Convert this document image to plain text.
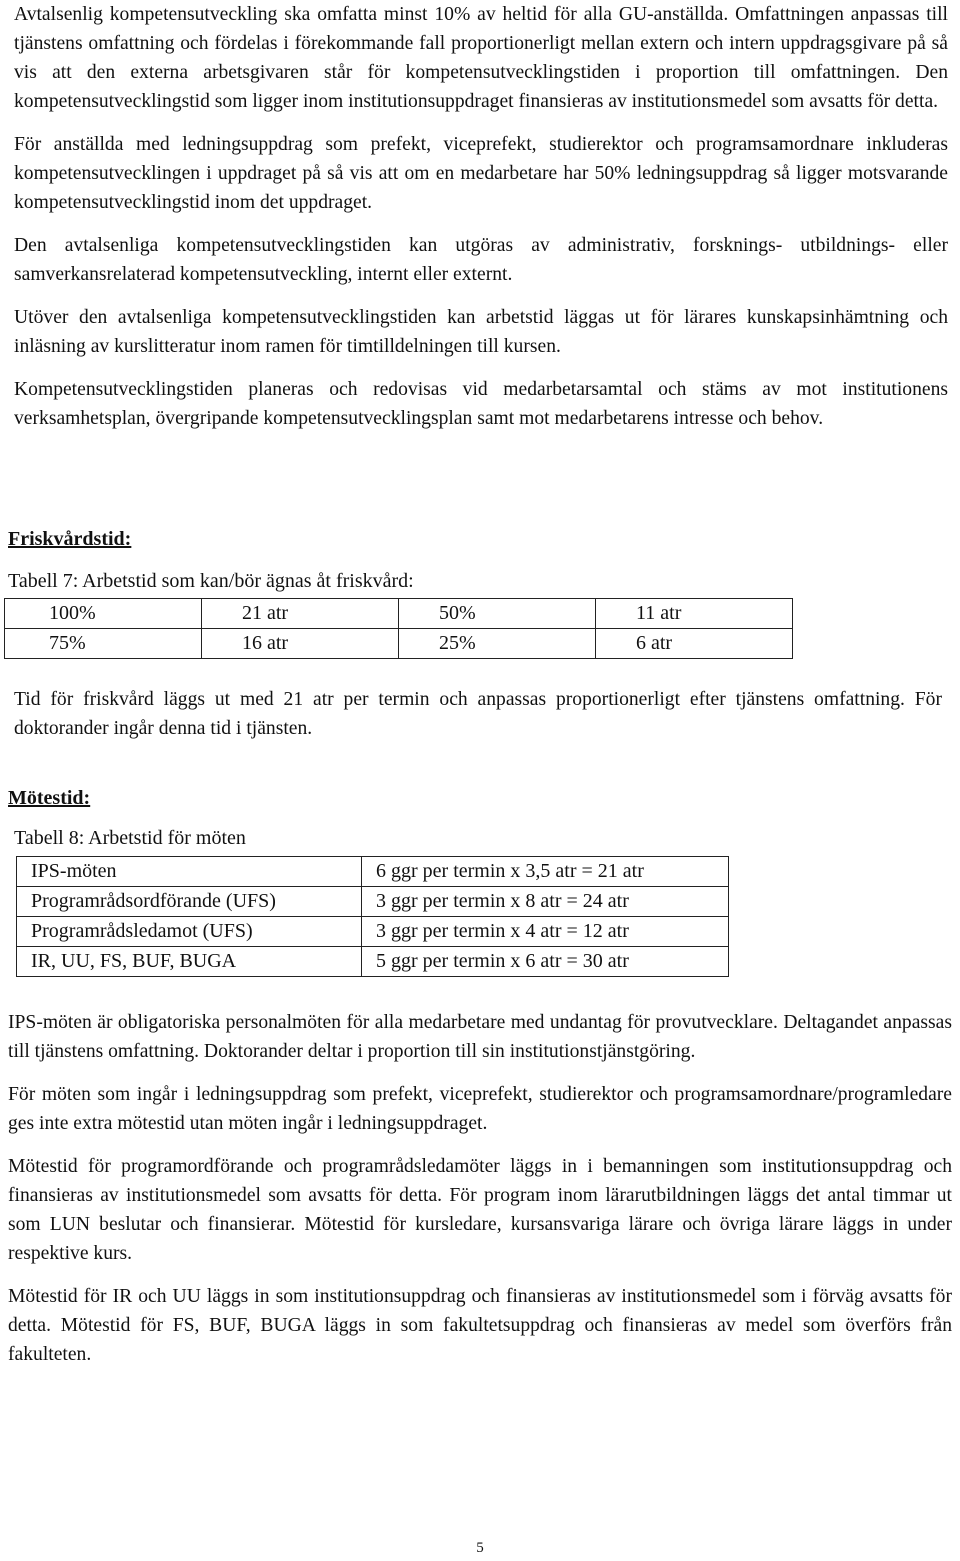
Avtalsenlig kompetensutveckling ska omfatta minst 10% av heltid för alla GU-anställda. Omfattningen anpassas till tjänstens omfattning och fördelas i förekommande fall proportionerligt mellan extern och intern uppdragsgivare på så vis att den externa arbetsgivaren står för kompetensutvecklingstiden i proportion till omfattningen. Den kompetensutvecklingstid som ligger inom institutionsuppdraget finansieras av institutionsmedel som avsatts för detta.

För anställda med ledningsuppdrag som prefekt, viceprefekt, studierektor och programsamordnare inkluderas kompetensutvecklingen i uppdraget på så vis att om en medarbetare har 50% ledningsuppdrag så ligger motsvarande kompetensutvecklingstid inom det uppdraget.

Den avtalsenliga kompetensutvecklingstiden kan utgöras av administrativ, forsknings- utbildnings- eller samverkansrelaterad kompetensutveckling, internt eller externt.

Utöver den avtalsenliga kompetensutvecklingstiden kan arbetstid läggas ut för lärares kunskapsinhämtning och inläsning av kurslitteratur inom ramen för timtilldelningen till kursen.

Kompetensutvecklingstiden planeras och redovisas vid medarbetarsamtal och stäms av mot institutionens verksamhetsplan, övergripande kompetensutvecklingsplan samt mot medarbetarens intresse och behov.

Friskvårdstid:
Tabell 7: Arbetstid som kan/bör ägnas åt friskvård:
100%	21 atr	50%	11 atr
75%	16 atr	25%	6 atr

Tid för friskvård läggs ut med 21 atr per termin och anpassas proportionerligt efter tjänstens omfattning. För doktorander ingår denna tid i tjänsten.

Mötestid:
Tabell 8: Arbetstid för möten
IPS-möten	6 ggr per termin x 3,5 atr = 21 atr
Programrådsordförande (UFS)	3 ggr per termin x 8 atr = 24 atr
Programrådsledamot (UFS)	3 ggr per termin x 4 atr = 12 atr
IR, UU, FS, BUF, BUGA	5 ggr per termin x 6 atr = 30 atr

IPS-möten är obligatoriska personalmöten för alla medarbetare med undantag för provutvecklare. Deltagandet anpassas till tjänstens omfattning. Doktorander deltar i proportion till sin institutionstjänstgöring.

För möten som ingår i ledningsuppdrag som prefekt, viceprefekt, studierektor och programsamordnare/programledare ges inte extra mötestid utan möten ingår i ledningsuppdraget.

Mötestid för programordförande och programrådsledamöter läggs in i bemanningen som institutionsuppdrag och finansieras av institutionsmedel som avsatts för detta. För program inom lärarutbildningen läggs det antal timmar ut som LUN beslutar och finansierar. Mötestid för kursledare, kursansvariga lärare och övriga lärare läggs in under respektive kurs.

Mötestid för IR och UU läggs in som institutionsuppdrag och finansieras av institutionsmedel som i förväg avsatts för detta. Mötestid för FS, BUF, BUGA läggs in som fakultetsuppdrag och finansieras av medel som överförs från fakulteten.

5
